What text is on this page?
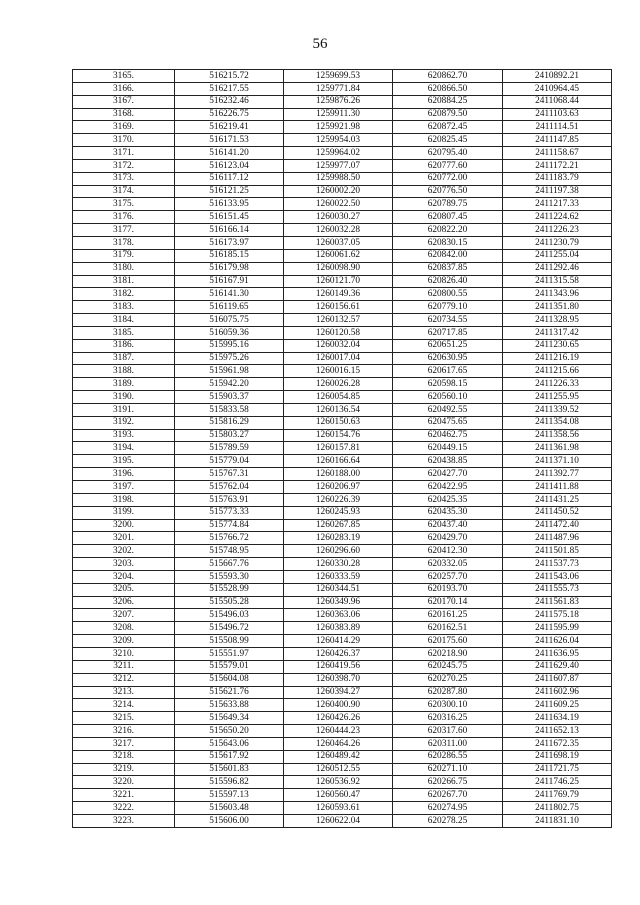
56
3165.	516215.72	1259699.53	620862.70	2410892.21
3166.	516217.55	1259771.84	620866.50	2410964.45
3167.	516232.46	1259876.26	620884.25	2411068.44
3168.	516226.75	1259911.30	620879.50	2411103.63
3169.	516219.41	1259921.98	620872.45	2411114.51
3170.	516171.53	1259954.03	620825.45	2411147.85
3171.	516141.20	1259964.02	620795.40	2411158.67
3172.	516123.04	1259977.07	620777.60	2411172.21
3173.	516117.12	1259988.50	620772.00	2411183.79
3174.	516121.25	1260002.20	620776.50	2411197.38
3175.	516133.95	1260022.50	620789.75	2411217.33
3176.	516151.45	1260030.27	620807.45	2411224.62
3177.	516166.14	1260032.28	620822.20	2411226.23
3178.	516173.97	1260037.05	620830.15	2411230.79
3179.	516185.15	1260061.62	620842.00	2411255.04
3180.	516179.98	1260098.90	620837.85	2411292.46
3181.	516167.91	1260121.70	620826.40	2411315.58
3182.	516141.30	1260149.36	620800.55	2411343.96
3183.	516119.65	1260156.61	620779.10	2411351.80
3184.	516075.75	1260132.57	620734.55	2411328.95
3185.	516059.36	1260120.58	620717.85	2411317.42
3186.	515995.16	1260032.04	620651.25	2411230.65
3187.	515975.26	1260017.04	620630.95	2411216.19
3188.	515961.98	1260016.15	620617.65	2411215.66
3189.	515942.20	1260026.28	620598.15	2411226.33
3190.	515903.37	1260054.85	620560.10	2411255.95
3191.	515833.58	1260136.54	620492.55	2411339.52
3192.	515816.29	1260150.63	620475.65	2411354.08
3193.	515803.27	1260154.76	620462.75	2411358.56
3194.	515789.59	1260157.81	620449.15	2411361.98
3195.	515779.04	1260166.64	620438.85	2411371.10
3196.	515767.31	1260188.00	620427.70	2411392.77
3197.	515762.04	1260206.97	620422.95	2411411.88
3198.	515763.91	1260226.39	620425.35	2411431.25
3199.	515773.33	1260245.93	620435.30	2411450.52
3200.	515774.84	1260267.85	620437.40	2411472.40
3201.	515766.72	1260283.19	620429.70	2411487.96
3202.	515748.95	1260296.60	620412.30	2411501.85
3203.	515667.76	1260330.28	620332.05	2411537.73
3204.	515593.30	1260333.59	620257.70	2411543.06
3205.	515528.99	1260344.51	620193.70	2411555.73
3206.	515505.28	1260349.96	620170.14	2411561.83
3207.	515496.03	1260363.06	620161.25	2411575.18
3208.	515496.72	1260383.89	620162.51	2411595.99
3209.	515508.99	1260414.29	620175.60	2411626.04
3210.	515551.97	1260426.37	620218.90	2411636.95
3211.	515579.01	1260419.56	620245.75	2411629.40
3212.	515604.08	1260398.70	620270.25	2411607.87
3213.	515621.76	1260394.27	620287.80	2411602.96
3214.	515633.88	1260400.90	620300.10	2411609.25
3215.	515649.34	1260426.26	620316.25	2411634.19
3216.	515650.20	1260444.23	620317.60	2411652.13
3217.	515643.06	1260464.26	620311.00	2411672.35
3218.	515617.92	1260489.42	620286.55	2411698.19
3219.	515601.83	1260512.55	620271.10	2411721.75
3220.	515596.82	1260536.92	620266.75	2411746.25
3221.	515597.13	1260560.47	620267.70	2411769.79
3222.	515603.48	1260593.61	620274.95	2411802.75
3223.	515606.00	1260622.04	620278.25	2411831.10
